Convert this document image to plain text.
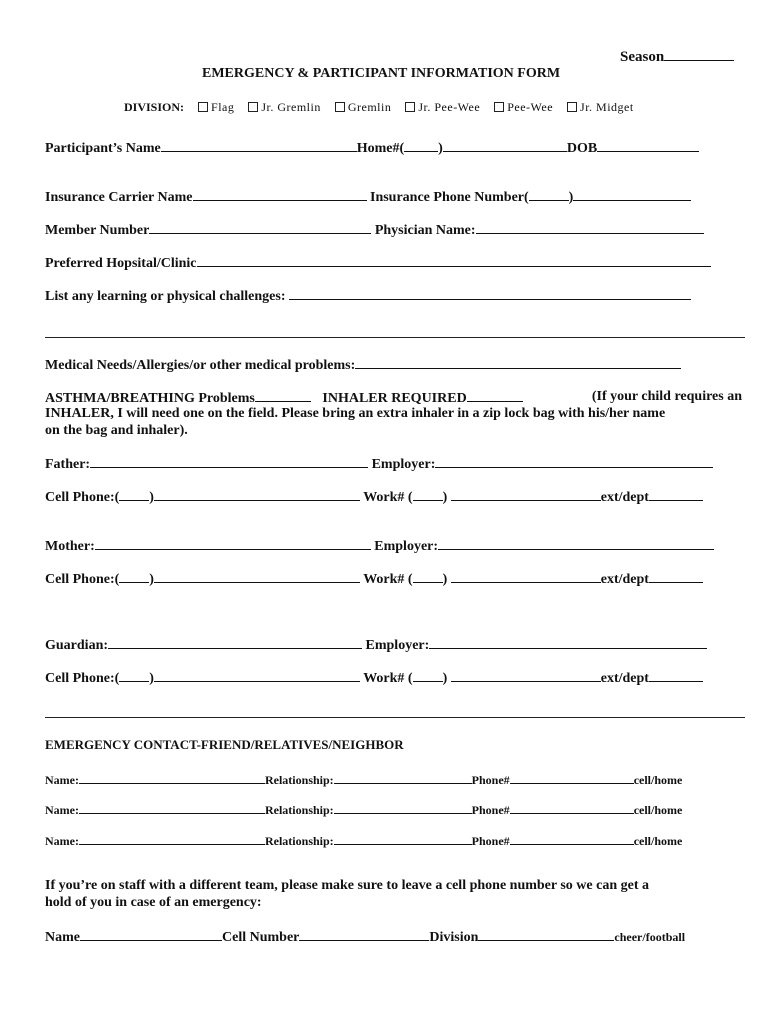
Season
EMERGENCY & PARTICIPANT INFORMATION FORM
DIVISION: Flag Jr. Gremlin Gremlin Jr. Pee-Wee Pee-Wee Jr. Midget
Participant’s Name	Home#( )	DOB
Insurance Carrier Name	Insurance Phone Number(	)
Member Number	Physician Name:
Preferred Hopsital/Clinic
List any learning or physical challenges:
Medical Needs/Allergies/or other medical problems:
ASTHMA/BREATHING Problems	INHALER REQUIRED	(If your child requires an
INHALER, I will need one on the field. Please bring an extra inhaler in a zip lock bag with his/her name
on the bag and inhaler).
Father:	Employer:
Cell Phone:( )	Work# ( )	ext/dept
Mother:	Employer:
Cell Phone:( )	Work# ( )	ext/dept
Guardian:	Employer:
Cell Phone:( )	Work# ( )	ext/dept
EMERGENCY CONTACT-FRIEND/RELATIVES/NEIGHBOR
Name:	Relationship:	Phone#	cell/home
Name:	Relationship:	Phone#	cell/home
Name:	Relationship:	Phone#	cell/home
If you’re on staff with a different team, please make sure to leave a cell phone number so we can get a
hold of you in case of an emergency:
Name	Cell Number	Division	cheer/football
